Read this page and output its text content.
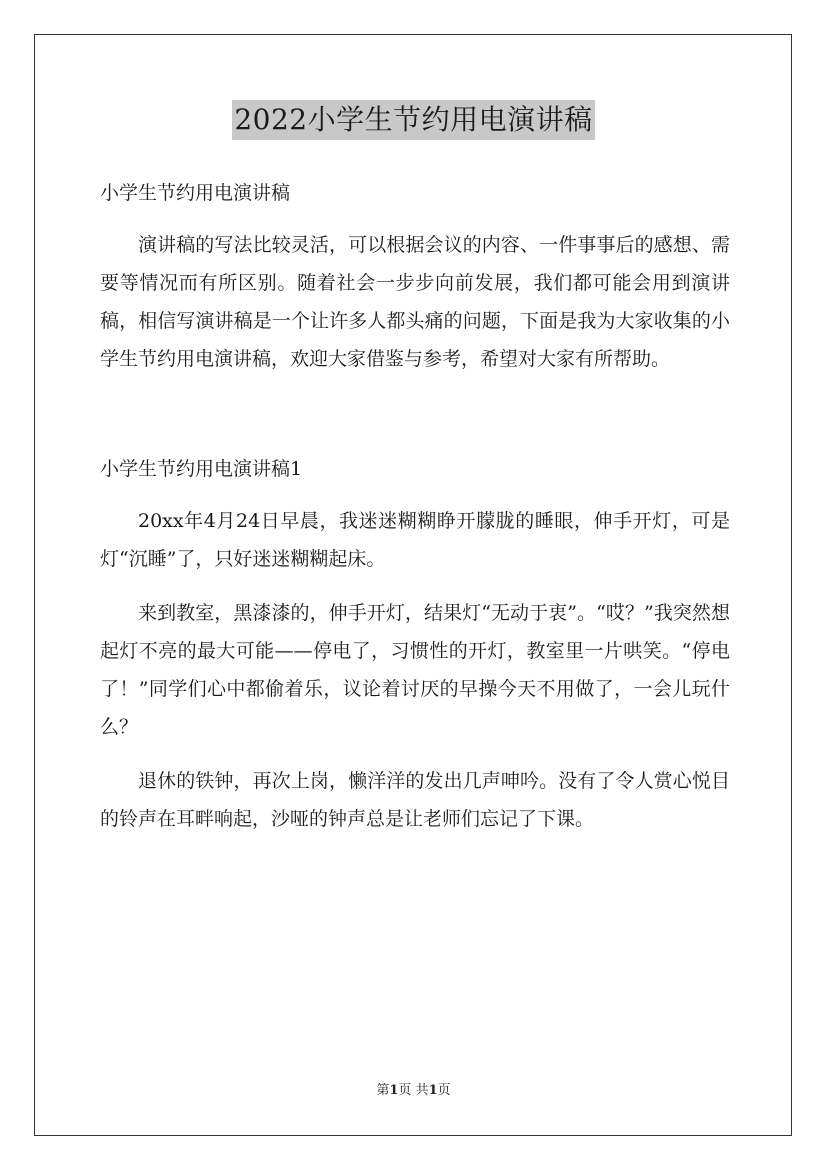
2022小学生节约用电演讲稿

小学生节约用电演讲稿

演讲稿的写法比较灵活，可以根据会议的内容、一件事事后的感想、需要等情况而有所区别。随着社会一步步向前发展，我们都可能会用到演讲稿，相信写演讲稿是一个让许多人都头痛的问题，下面是我为大家收集的小学生节约用电演讲稿，欢迎大家借鉴与参考，希望对大家有所帮助。

小学生节约用电演讲稿1

20xx年4月24日早晨，我迷迷糊糊睁开朦胧的睡眼，伸手开灯，可是灯“沉睡”了，只好迷迷糊糊起床。

来到教室，黑漆漆的，伸手开灯，结果灯“无动于衷”。“哎？”我突然想起灯不亮的最大可能——停电了，习惯性的开灯，教室里一片哄笑。“停电了！”同学们心中都偷着乐，议论着讨厌的早操今天不用做了，一会儿玩什么？

退休的铁钟，再次上岗，懒洋洋的发出几声呻吟。没有了令人赏心悦目的铃声在耳畔响起，沙哑的钟声总是让老师们忘记了下课。

第1页 共1页
